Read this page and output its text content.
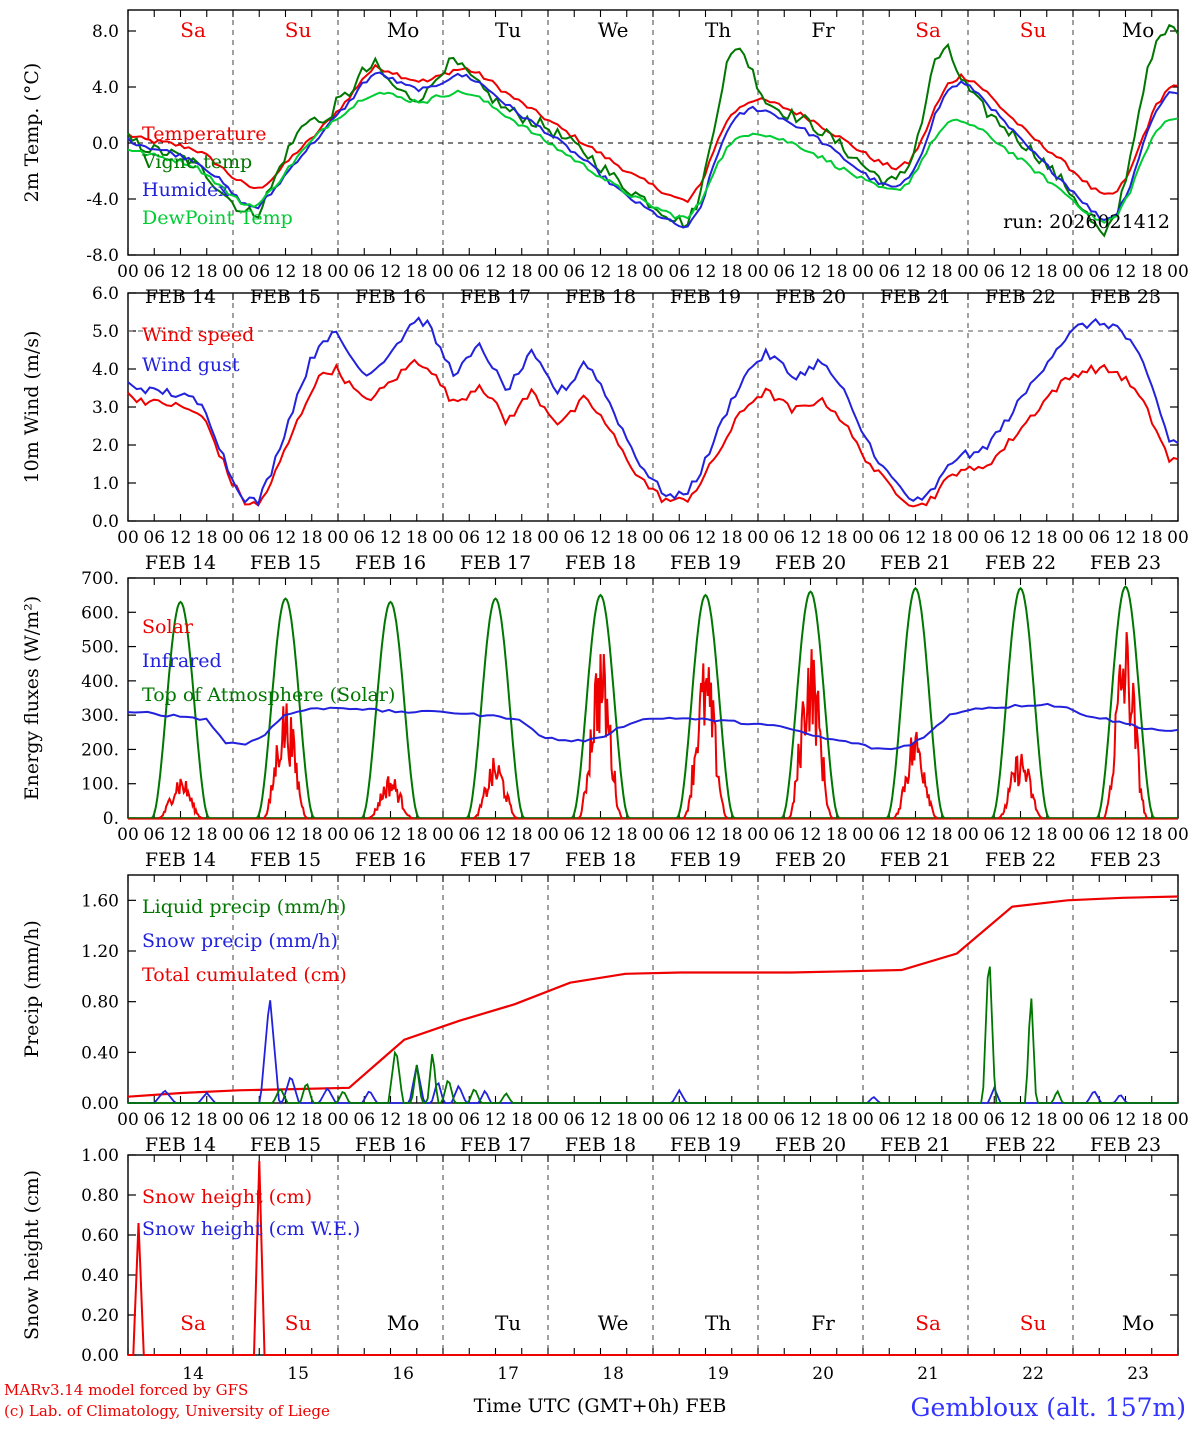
-8.0
-4.0
0.0
4.0
8.0
2m Temp. (°C)	Temperature
Vigne temp
Humidex
DewPoint Temp	run: 2026021412
Sa	Su	Mo	Tu	We	Th	Fr	Sa	Su	Mo
00 06 12 18 00 06 12 18 00 06 12 18 00 06 12 18 00 06 12 18 00 06 12 18 00 06 12 18 00 06 12 18 00 06 12 18 00 06 12 18 00
FEB 14 FEB 15 FEB 16 FEB 17 FEB 18 FEB 19 FEB 20 FEB 21 FEB 22 FEB 23
0.0
1.0
2.0
3.0
4.0
5.0
6.0
10m Wind (m/s)	Wind speed
Wind gust
00 06 12 18 00 06 12 18 00 06 12 18 00 06 12 18 00 06 12 18 00 06 12 18 00 06 12 18 00 06 12 18 00 06 12 18 00 06 12 18 00
FEB 14 FEB 15 FEB 16 FEB 17 FEB 18 FEB 19 FEB 20 FEB 21 FEB 22 FEB 23
0.
100.
200.
300.
400.
500.
600.
700.
Energy fluxes (W/m²)	Solar
Infrared
Top of Atmosphere (Solar)
00 06 12 18 00 06 12 18 00 06 12 18 00 06 12 18 00 06 12 18 00 06 12 18 00 06 12 18 00 06 12 18 00 06 12 18 00 06 12 18 00
FEB 14 FEB 15 FEB 16 FEB 17 FEB 18 FEB 19 FEB 20 FEB 21 FEB 22 FEB 23
0.00
0.40
0.80
1.20
1.60
Precip (mm/h)
Liquid precip (mm/h)
Snow precip (mm/h)
Total cumulated (cm)
00 06 12 18 00 06 12 18 00 06 12 18 00 06 12 18 00 06 12 18 00 06 12 18 00 06 12 18 00 06 12 18 00 06 12 18 00 06 12 18 00
FEB 14 FEB 15 FEB 16 FEB 17 FEB 18 FEB 19 FEB 20 FEB 21 FEB 22 FEB 23
0.00
0.20
0.40
0.60
0.80
1.00
Snow height (cm)	Snow height (cm)
Snow height (cm W.E.)
Sa	Su	Mo	Tu	We	Th	Fr	Sa	Su	Mo
14	15	16	17	18	19	20	21	22	23
MARv3.14 model forced by GFS
(c) Lab. of Climatology, University of Liege	Time UTC (GMT+0h) FEB	Gembloux (alt. 157m)
